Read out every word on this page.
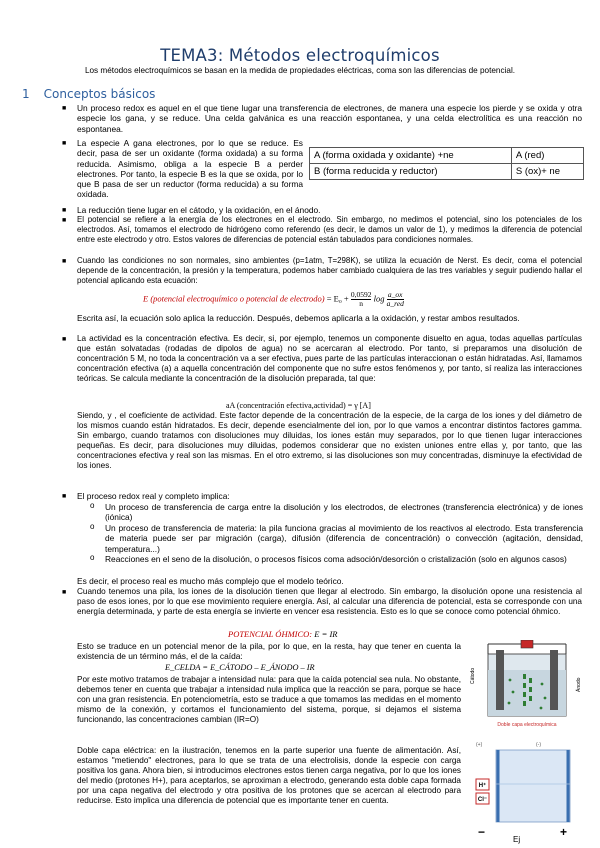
TEMA3: Métodos electroquímicos
Los métodos electroquímicos se basan en la medida de propiedades eléctricas, coma son las diferencias de potencial.
1 Conceptos básicos
■ Un proceso redox es aquel en el que tiene lugar una transferencia de electrones, de manera una especie los pierde y se oxida y otra especie los gana, y se reduce. Una celda galvánica es una reacción espontanea, y una celda electrolítica es una reacción no espontanea.
■ La especie A gana electrones, por lo que se reduce. Es decir, pasa de ser un oxidante (forma oxidada) a su forma reducida. Asimismo, obliga a la especie B a perder electrones. Por tanto, la especie B es la que se oxida, por lo que B pasa de ser un reductor (forma reducida) a su forma oxidada.
A (forma oxidada y oxidante) +ne	A (red)
B (forma reducida y reductor)	S (ox)+ ne
■ La reducción tiene lugar en el cátodo, y la oxidación, en el ánodo.
■ El potencial se refiere a la energía de los electrones en el electrodo. Sin embargo, no medimos el potencial, sino los potenciales de los electrodos. Así, tomamos el electrodo de hidrógeno como referendo (es decir, le damos un valor de 1), y medimos la diferencia de potencial entre este electrodo y otro. Estos valores de diferencias de potencial están tabulados para condiciones normales.
■ Cuando las condiciones no son normales, sino ambientes (p=1atm, T=298K), se utiliza la ecuación de Nerst. Es decir, coma el potencial depende de la concentración, la presión y la temperatura, podemos haber cambiado cualquiera de las tres variables y seguir pudiendo hallar el potencial aplicando esta ecuación:
E (potencial electroquímico o potencial de electrodo) = $E_0 + \frac{0,0592}{n}$ $\log \frac{a\_ox}{\text{a\_red}}$
Escrita así, la ecuación solo aplica la reducción. Después, debemos aplicarla a la oxidación, y restar ambos resultados.
■ La actividad es la concentración efectiva. Es decir, si, por ejemplo, tenemos un componente disuelto en agua, todas aquellas partículas que están solvatadas (rodadas de dipolos de agua) no se acercaran al electrodo. Por tanto, si preparamos una disolución de concentración 5 M, no toda la concentración va a ser efectiva, pues parte de las partículas interaccionan o están hidratadas. Así, llamamos concentración efectiva (a) a aquella concentración del componente que no sufre estos fenómenos y, por tanto, sí realiza las interacciones teóricas. Se calcula mediante la concentración de la disolución preparada, tal que:
aA (concentración efectiva,actividad) = γ [A]
Siendo, y , el coeficiente de actividad. Este factor depende de la concentración de la especie, de la carga de los iones y del diámetro de los mismos cuando están hidratados. Es decir, depende esencialmente del ion, por lo que vamos a encontrar distintos factores gamma. Sin embargo, cuando tratamos con disoluciones muy diluidas, los iones están muy separados, por lo que tienen lugar interacciones pequeñas. Es decir, para disoluciones muy diluidas, podemos considerar que no existen uniones entre ellas y, por tanto, que las concentraciones efectiva y real son las mismas. En el otro extremo, si las disoluciones son muy concentradas, disminuye la efectividad de los iones.
■ El proceso redox real y completo implica:
o Un proceso de transferencia de carga entre la disolución y los electrodos, de electrones (transferencia electrónica) y de iones (iónica)
o Un proceso de transferencia de materia: la pila funciona gracias al movimiento de los reactivos al electrodo. Esta transferencia de materia puede ser par migración (carga), difusión (diferencia de concentración) o convección (agitación, densidad, temperatura...)
o Reacciones en el seno de la disolución, o procesos físicos coma adsoción/desorción o cristalización (solo en algunos casos)
Es decir, el proceso real es mucho más complejo que el modelo teórico.
■ Cuando tenemos una pila, los iones de la disolución tienen que llegar al electrodo. Sin embargo, la disolución opone una resistencia al paso de esos iones, por lo que ese movimiento requiere energía. Así, al calcular una diferencia de potencial, esta se corresponde con una energía determinada, y parte de esta energía se invierte en vencer esa resistencia. Esto es lo que se conoce como potencial óhmico.
POTENCIAL ÓHMICO: E = IR
Esto se traduce en un potencial menor de la pila, por lo que, en la resta, hay que tener en cuenta la existencia de un término más, el de la caída:
E_CELDA = E_CÁTODO – E_ÁNODO – IR
Por este motivo tratamos de trabajar a intensidad nula: para que la caída potencial sea nula. No obstante, debemos tener en cuenta que trabajar a intensidad nula implica que la reacción se para, porque se hace con una gran resistencia. En potenciometría, esto se traduce a que tomamos las medidas en el momento mismo de la conexión, y cortamos el funcionamiento del sistema, porque, si dejamos el sistema funcionando, las concentraciones cambian (IR=O)
Doble capa eléctrica: en la ilustración, tenemos en la parte superior una fuente de alimentación. Así, estamos "metiendo" electrones, para lo que se trata de una electrolisis, donde la especie con carga positiva los gana. Ahora bien, si introducimos electrones estos tienen carga negativa, por lo que los iones del medio (protones H+), para aceptarlos, se aproximan a electrodo, generando esta doble capa formada por una capa negativa del electrodo y otra positiva de los protones que se acercan al electrodo para reducirse. Esto implica una diferencia de potencial que es importante tener en cuenta.
Cátodo
Ánodo
Doble capa electroquímica
(+)	(-)
H⁺
Cl⁻
−	+
Ej
